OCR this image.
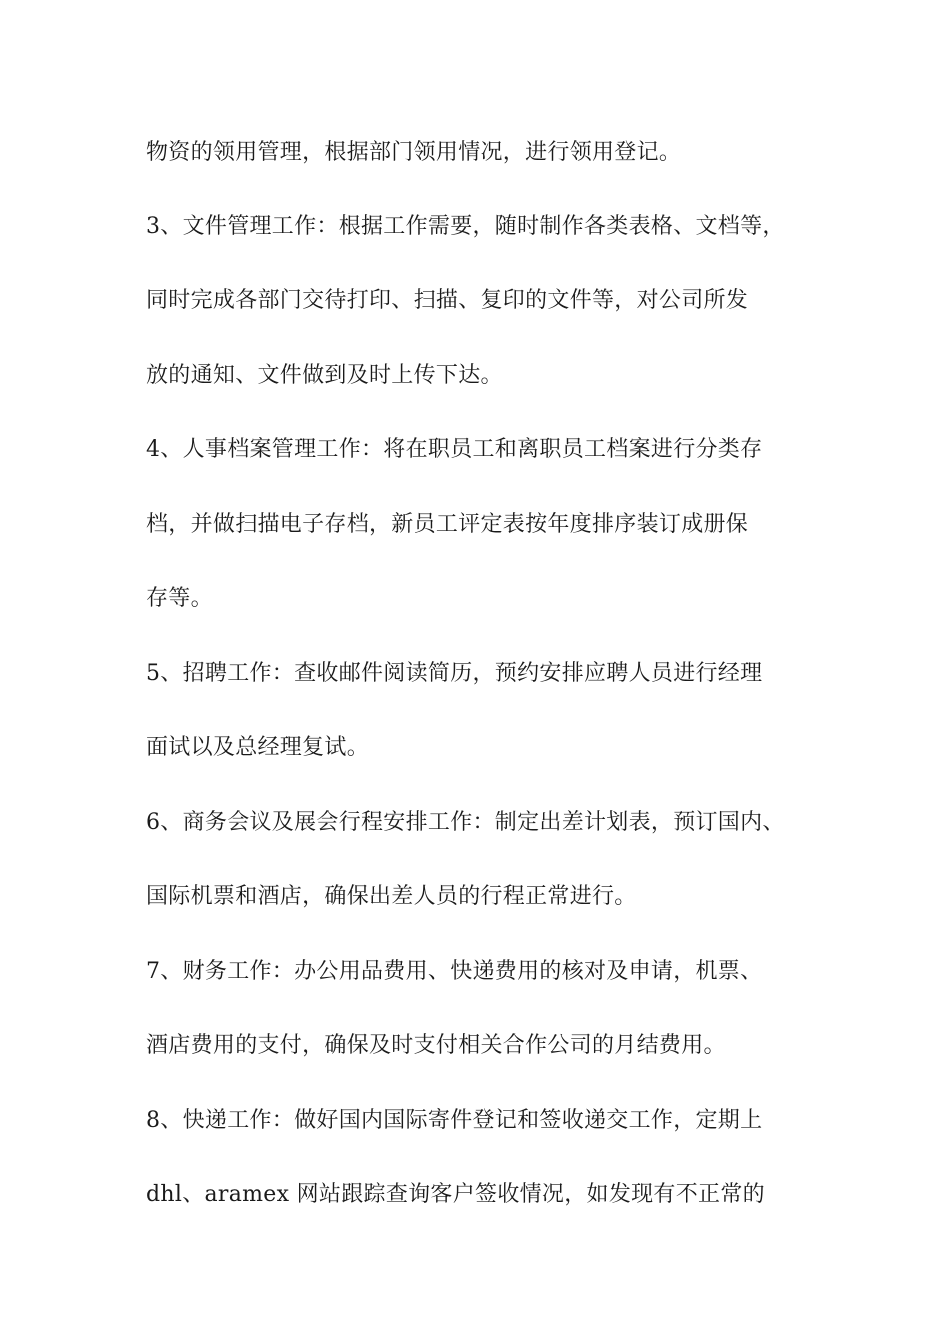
物资的领用管理，根据部门领用情况，进行领用登记。
3、文件管理工作：根据工作需要，随时制作各类表格、文档等，
同时完成各部门交待打印、扫描、复印的文件等，对公司所发
放的通知、文件做到及时上传下达。
4、人事档案管理工作：将在职员工和离职员工档案进行分类存
档，并做扫描电子存档，新员工评定表按年度排序装订成册保
存等。
5、招聘工作：查收邮件阅读简历，预约安排应聘人员进行经理
面试以及总经理复试。
6、商务会议及展会行程安排工作：制定出差计划表，预订国内、
国际机票和酒店，确保出差人员的行程正常进行。
7、财务工作：办公用品费用、快递费用的核对及申请，机票、
酒店费用的支付，确保及时支付相关合作公司的月结费用。
8、快递工作：做好国内国际寄件登记和签收递交工作，定期上
dhl、aramex 网站跟踪查询客户签收情况，如发现有不正常的
